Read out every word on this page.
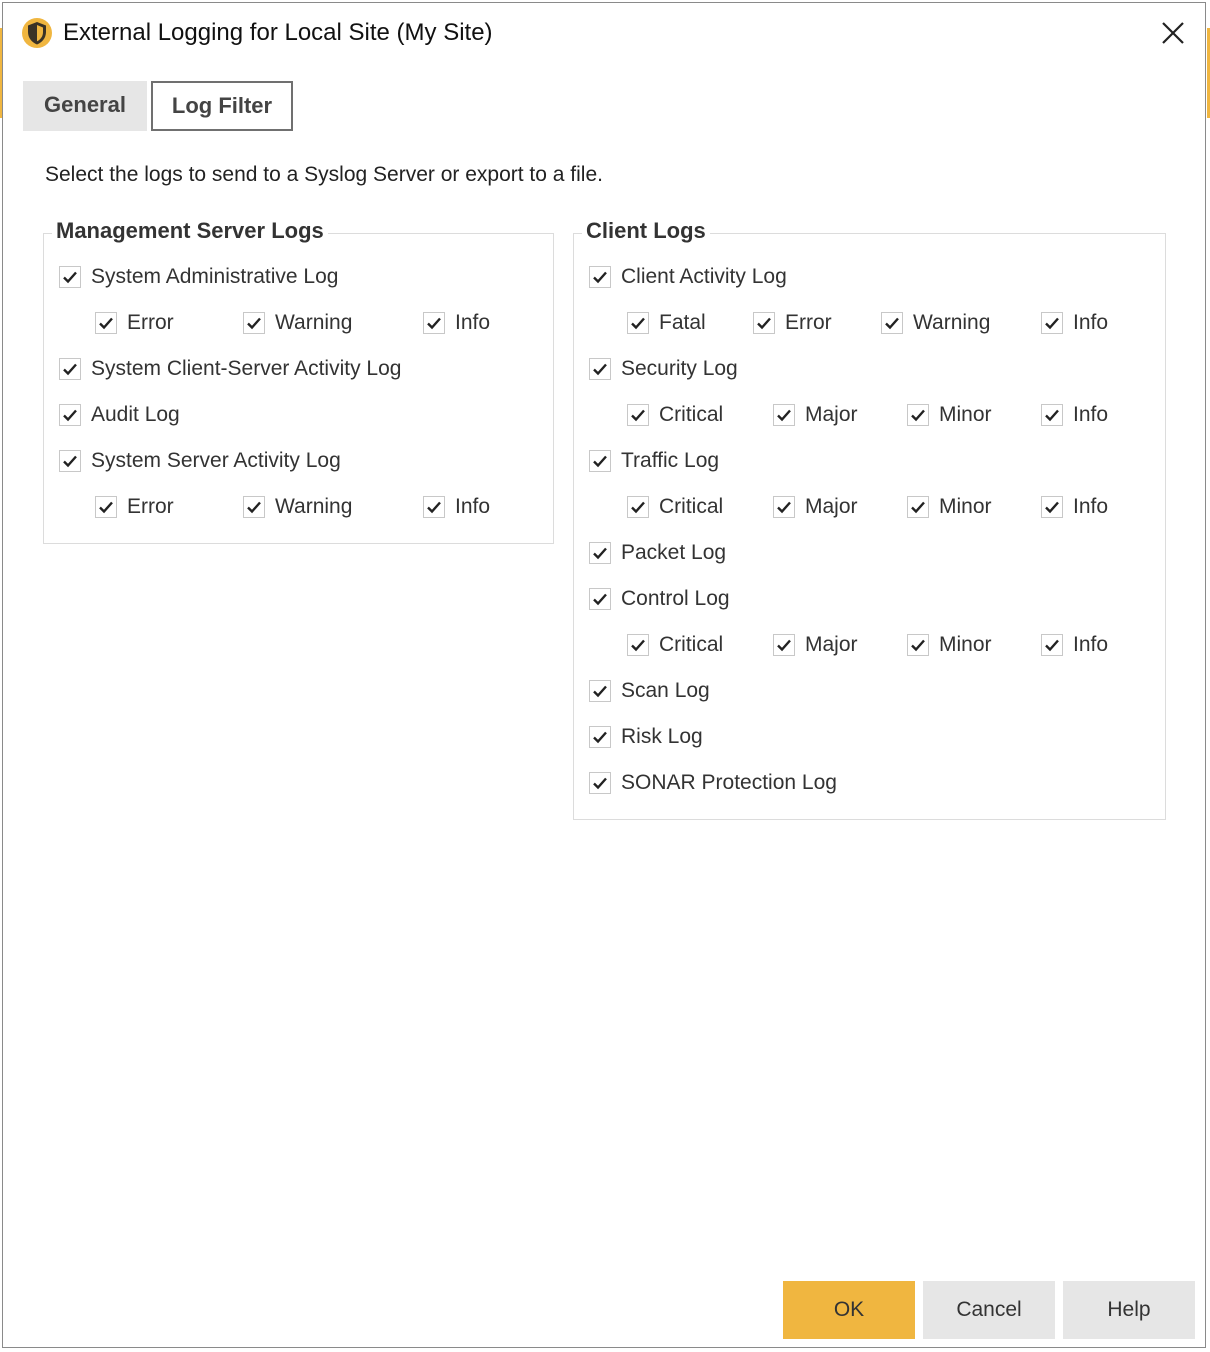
External Logging for Local Site (My Site)
General	Log Filter
Select the logs to send to a Syslog Server or export to a file.
Management Server Logs	Client Logs
System Administrative Log
Error	Warning	Info
System Client-Server Activity Log
Audit Log
System Server Activity Log
Error	Warning	Info
Client Activity Log
Fatal	Error	Warning	Info
Security Log
Critical	Major	Minor	Info
Traffic Log
Critical	Major	Minor	Info
Packet Log
Control Log
Critical	Major	Minor	Info
Scan Log
Risk Log
SONAR Protection Log
OK	Cancel	Help
